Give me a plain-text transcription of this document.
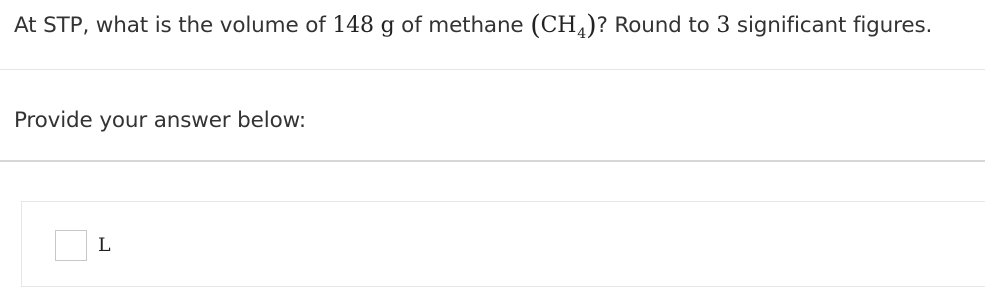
At STP, what is the volume of 148 g of methane $(CH_4)$? Round to 3 significant figures.
Provide your answer below:
L
